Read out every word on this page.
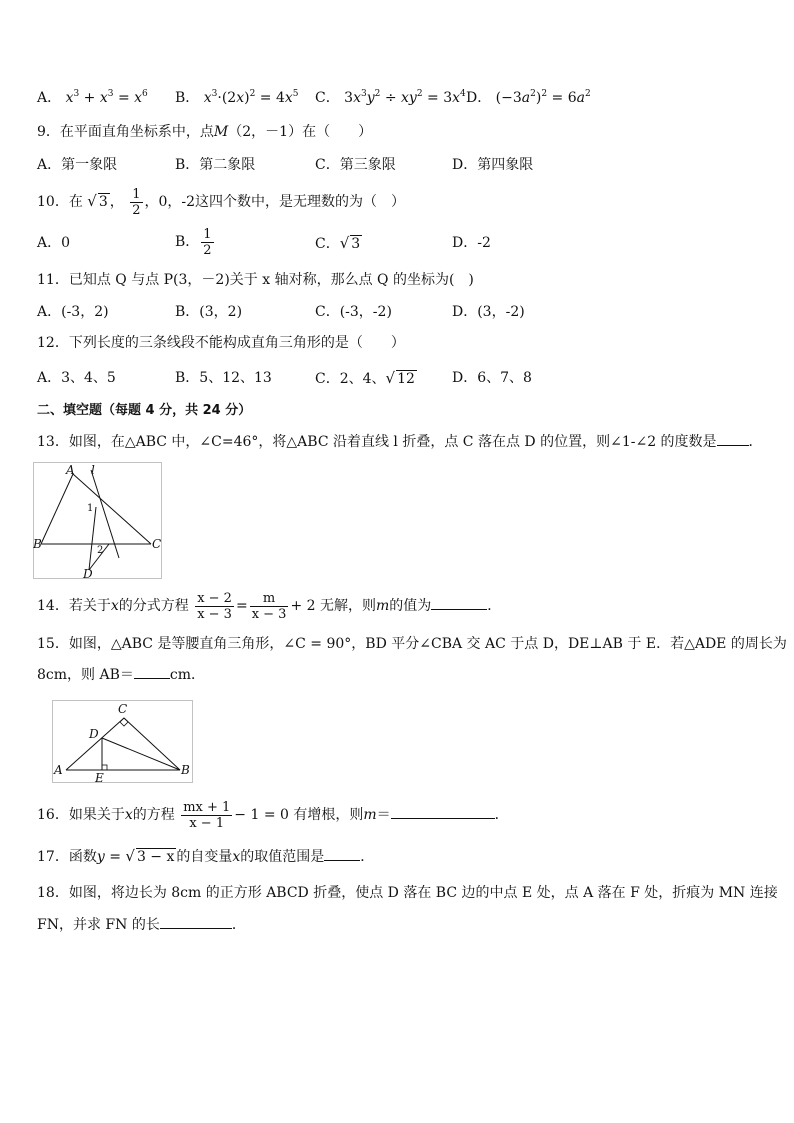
A． $x^3 + x^3 = x^6$ B． $x^3\cdot(2x)^2 = 4x^5$ C． $3x^3y^2 \div xy^2 = 3x^4$ D． $(-3a^2)^2 = 6a^2$
9．在平面直角坐标系中，点M（2，－1）在（　　）
A．第一象限	B．第二象限	C．第三象限	D．第四象限
10．在 √ 3 ， $\frac{1}{2}$ ，0，-2这四个数中，是无理数的为（　）
A．0	B． $\frac{1}{2}$	C．√ 3	D．-2
11．已知点 Q 与点 P(3，－2)关于 x 轴对称，那么点 Q 的坐标为(　)
A．(-3，2)	B．(3，2)	C．(-3，-2)	D．(3，-2)
12．下列长度的三条线段不能构成直角三角形的是（　　）
A．3、4、5	B．5、12、13	C．2、4、√ 12	D．6、7、8
二、填空题（每题 4 分，共 24 分）
13．如图，在△ABC 中，∠C=46°，将△ABC 沿着直线 l 折叠，点 C 落在点 D 的位置，则∠1-∠2 的度数是 ．
A l
B	C
D
1
2
14．若关于x的分式方程 $\frac{x - 2}{x - 3} = \frac{m}{x - 3} + 2$ 无解，则m的值为	．
15．如图，△ABC 是等腰直角三角形，∠C = 90°，BD 平分∠CBA 交 AC 于点 D，DE⊥AB 于 E．若△ADE 的周长为
8cm，则 AB＝	cm．
A	B
C
D
E
16．如果关于x的方程 $\frac{mx + 1}{x - 1} - 1 = 0$ 有增根，则m＝	．
17．函数y = √ 3 − x 的自变量x的取值范围是	．
18．如图，将边长为 8cm 的正方形 ABCD 折叠，使点 D 落在 BC 边的中点 E 处，点 A 落在 F 处，折痕为 MN 连接
FN，并求 FN 的长	．
